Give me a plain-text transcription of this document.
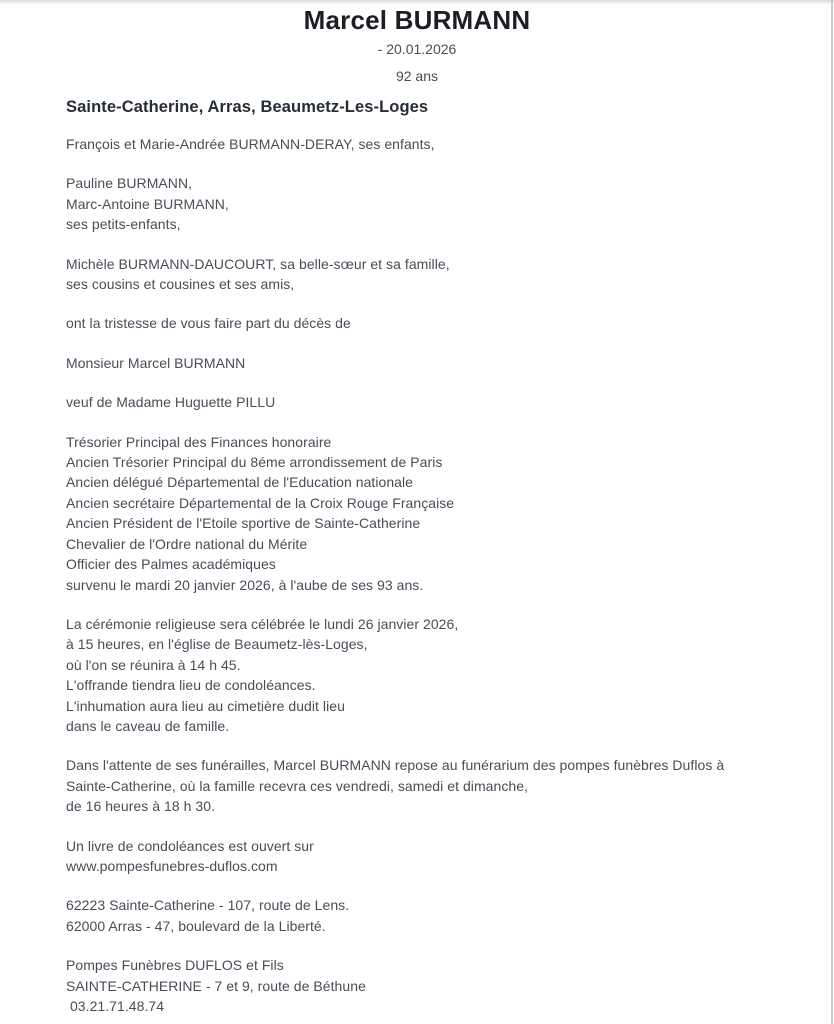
Marcel BURMANN
- 20.01.2026
92 ans
Sainte-Catherine, Arras, Beaumetz-Les-Loges
François et Marie-Andrée BURMANN-DERAY, ses enfants,
Pauline BURMANN,
Marc-Antoine BURMANN,
ses petits-enfants,
Michèle BURMANN-DAUCOURT, sa belle-sœur et sa famille,
ses cousins et cousines et ses amis,
ont la tristesse de vous faire part du décès de
Monsieur Marcel BURMANN
veuf de Madame Huguette PILLU
Trésorier Principal des Finances honoraire
Ancien Trésorier Principal du 8éme arrondissement de Paris
Ancien délégué Départemental de l'Education nationale
Ancien secrétaire Départemental de la Croix Rouge Française
Ancien Président de l'Etoile sportive de Sainte-Catherine
Chevalier de l'Ordre national du Mérite
Officier des Palmes académiques
survenu le mardi 20 janvier 2026, à l'aube de ses 93 ans.
La cérémonie religieuse sera célébrée le lundi 26 janvier 2026,
à 15 heures, en l'église de Beaumetz-lès-Loges,
où l'on se réunira à 14 h 45.
L'offrande tiendra lieu de condoléances.
L'inhumation aura lieu au cimetière dudit lieu
dans le caveau de famille.
Dans l'attente de ses funérailles, Marcel BURMANN repose au funérarium des pompes funèbres Duflos à
Sainte-Catherine, où la famille recevra ces vendredi, samedi et dimanche,
de 16 heures à 18 h 30.
Un livre de condoléances est ouvert sur
www.pompesfunebres-duflos.com
62223 Sainte-Catherine - 107, route de Lens.
62000 Arras - 47, boulevard de la Liberté.
Pompes Funèbres DUFLOS et Fils
SAINTE-CATHERINE - 7 et 9, route de Béthune
03.21.71.48.74
